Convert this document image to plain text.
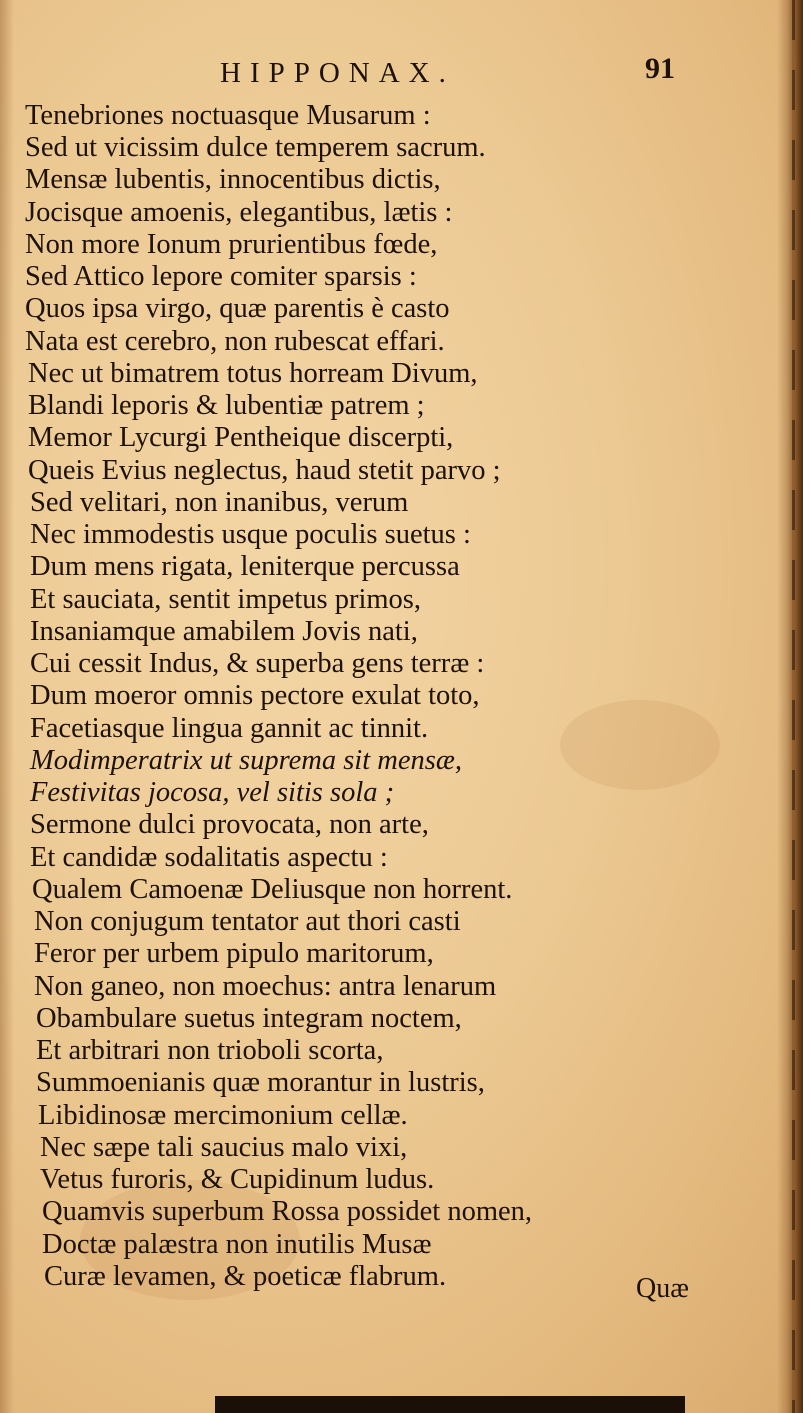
HIPPONAX.	91
Tenebriones noctuasque Musarum :
Sed ut vicissim dulce temperem sacrum.
Mensæ lubentis, innocentibus dictis,
Jocisque amoenis, elegantibus, lætis :
Non more Ionum prurientibus fœde,
Sed Attico lepore comiter sparsis :
Quos ipsa virgo, quæ parentis è casto
Nata est cerebro, non rubescat effari.
Nec ut bimatrem totus horream Divum,
Blandi leporis & lubentiæ patrem ;
Memor Lycurgi Pentheique discerpti,
Queis Evius neglectus, haud stetit parvo ;
Sed velitari, non inanibus, verum
Nec immodestis usque poculis suetus :
Dum mens rigata, leniterque percussa
Et sauciata, sentit impetus primos,
Insaniamque amabilem Jovis nati,
Cui cessit Indus, & superba gens terræ :
Dum moeror omnis pectore exulat toto,
Facetiasque lingua gannit ac tinnit.
Modimperatrix ut suprema sit mensæ,
Festivitas jocosa, vel sitis sola ;
Sermone dulci provocata, non arte,
Et candidæ sodalitatis aspectu :
Qualem Camoenæ Deliusque non horrent.
Non conjugum tentator aut thori casti
Feror per urbem pipulo maritorum,
Non ganeo, non moechus: antra lenarum
Obambulare suetus integram noctem,
Et arbitrari non trioboli scorta,
Summoenianis quæ morantur in lustris,
Libidinosæ mercimonium cellæ.
Nec sæpe tali saucius malo vixi,
Vetus furoris, & Cupidinum ludus.
Quamvis superbum Rossa possidet nomen,
Doctæ palæstra non inutilis Musæ
Curæ levamen, & poeticæ flabrum.	Quæ
